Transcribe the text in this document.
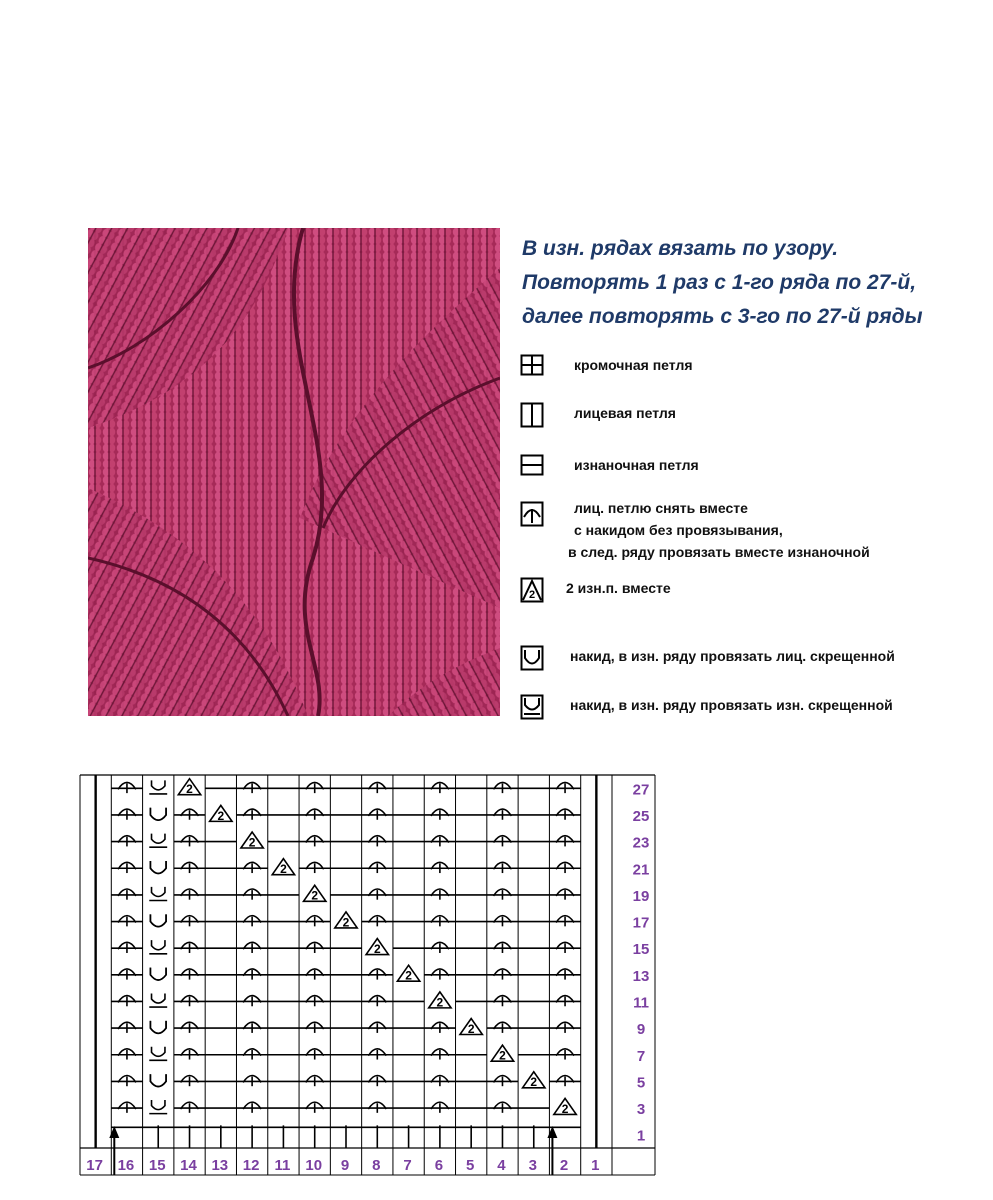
В изн. рядах вязать по узору.
Повторять 1 раз с 1-го ряда по 27-й,
далее повторять с 3-го по 27-й ряды
кромочная петля
лицевая петля
изнаночная петля
лиц. петлю снять вместе
с накидом без провязывания,
в след. ряду провязать вместе изнаночной
2 2 изн.п. вместе
накид, в изн. ряду провязать лиц. скрещенной
накид, в изн. ряду провязать изн. скрещенной
2
2
2
2
2
2
2
2
2
2
2
2
2
1
3
5
7
9
11
13
15
17
19
21
23
25
27
17 16 15 14 13 12 11 10 9 8 7 6 5 4 3 2 1
